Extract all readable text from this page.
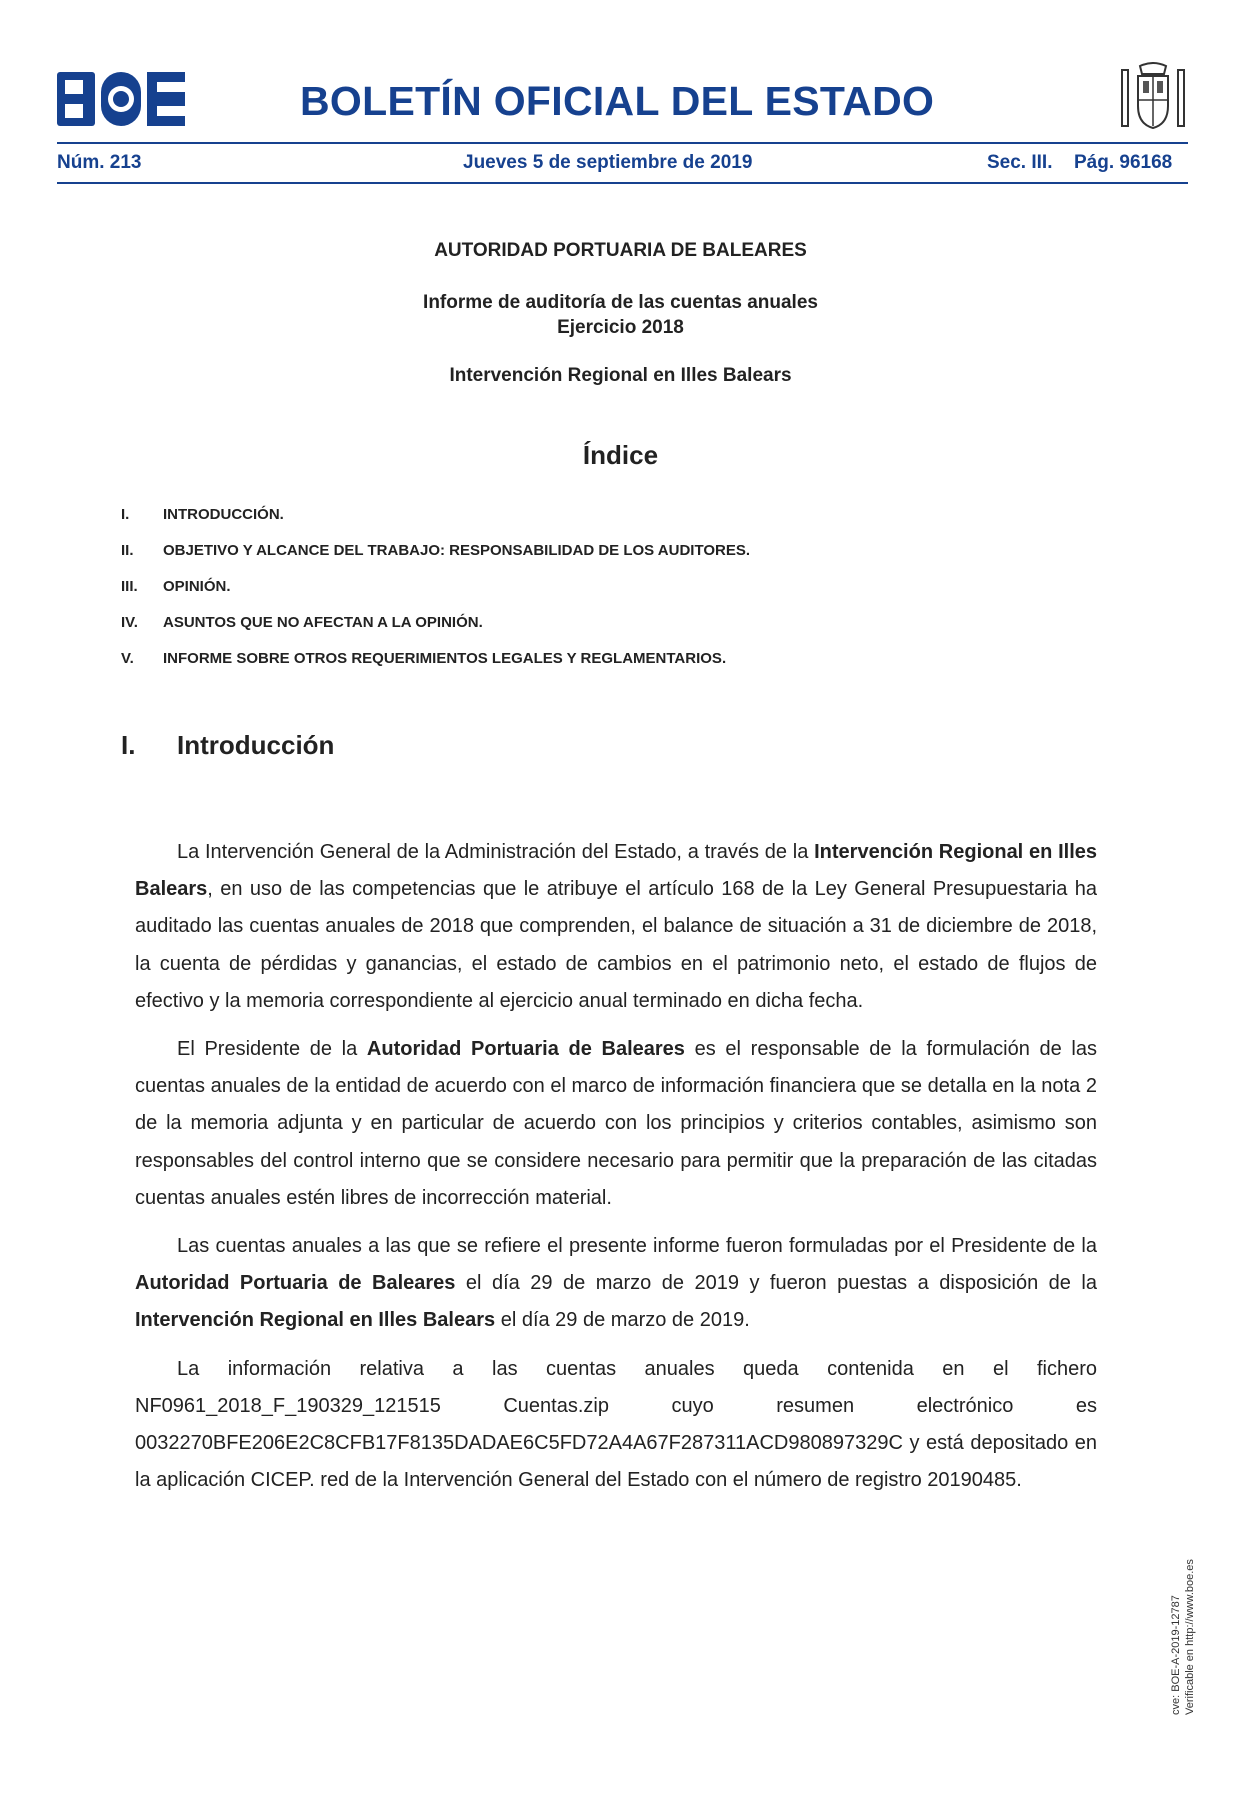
BOLETÍN OFICIAL DEL ESTADO
Núm. 213	Jueves 5 de septiembre de 2019	Sec. III. Pág. 96168
AUTORIDAD PORTUARIA DE BALEARES
Informe de auditoría de las cuentas anuales
Ejercicio 2018
Intervención Regional en Illes Balears
Índice
I. INTRODUCCIÓN.
II. OBJETIVO Y ALCANCE DEL TRABAJO: RESPONSABILIDAD DE LOS AUDITORES.
III. OPINIÓN.
IV. ASUNTOS QUE NO AFECTAN A LA OPINIÓN.
V. INFORME SOBRE OTROS REQUERIMIENTOS LEGALES Y REGLAMENTARIOS.
I. Introducción

La Intervención General de la Administración del Estado, a través de la Intervención Regional en Illes Balears, en uso de las competencias que le atribuye el artículo 168 de la Ley General Presupuestaria ha auditado las cuentas anuales de 2018 que comprenden, el balance de situación a 31 de diciembre de 2018, la cuenta de pérdidas y ganancias, el estado de cambios en el patrimonio neto, el estado de flujos de efectivo y la memoria correspondiente al ejercicio anual terminado en dicha fecha.

El Presidente de la Autoridad Portuaria de Baleares es el responsable de la formulación de las cuentas anuales de la entidad de acuerdo con el marco de información financiera que se detalla en la nota 2 de la memoria adjunta y en particular de acuerdo con los principios y criterios contables, asimismo son responsables del control interno que se considere necesario para permitir que la preparación de las citadas cuentas anuales estén libres de incorrección material.

Las cuentas anuales a las que se refiere el presente informe fueron formuladas por el Presidente de la Autoridad Portuaria de Baleares el día 29 de marzo de 2019 y fueron puestas a disposición de la Intervención Regional en Illes Balears el día 29 de marzo de 2019.

La información relativa a las cuentas anuales queda contenida en el fichero NF0961_2018_F_190329_121515 Cuentas.zip cuyo resumen electrónico es 0032270BFE206E2C8CFB17F8135DADAE6C5FD72A4A67F287311ACD980897329C y está depositado en la aplicación CICEP. red de la Intervención General del Estado con el número de registro 20190485.

cve: BOE-A-2019-12787 Verificable en http://www.boe.es
